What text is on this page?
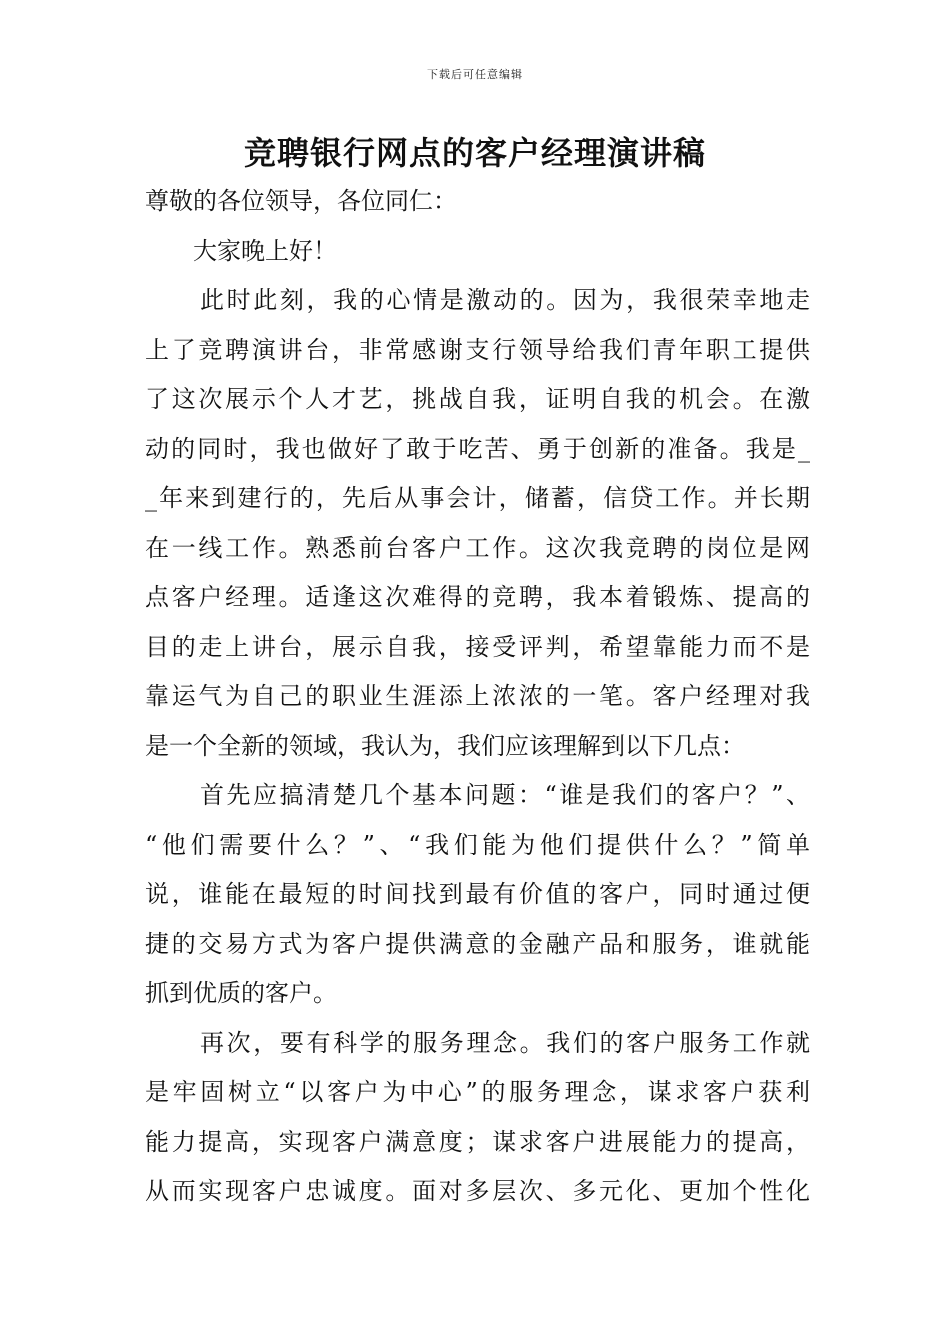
下载后可任意编辑
竞聘银行网点的客户经理演讲稿
尊敬的各位领导，各位同仁：
大家晚上好！
此时此刻，我的心情是激动的。因为，我很荣幸地走
上了竞聘演讲台，非常感谢支行领导给我们青年职工提供
了这次展示个人才艺，挑战自我，证明自我的机会。在激
动的同时，我也做好了敢于吃苦、勇于创新的准备。我是_
_年来到建行的，先后从事会计，储蓄，信贷工作。并长期
在一线工作。熟悉前台客户工作。这次我竞聘的岗位是网
点客户经理。适逢这次难得的竞聘，我本着锻炼、提高的
目的走上讲台，展示自我，接受评判，希望靠能力而不是
靠运气为自己的职业生涯添上浓浓的一笔。客户经理对我
是一个全新的领域，我认为，我们应该理解到以下几点：
首先应搞清楚几个基本问题：“谁是我们的客户？”、
“他们需要什么？”、“我们能为他们提供什么？”简单
说，谁能在最短的时间找到最有价值的客户，同时通过便
捷的交易方式为客户提供满意的金融产品和服务，谁就能
抓到优质的客户。
再次，要有科学的服务理念。我们的客户服务工作就
是牢固树立“以客户为中心”的服务理念，谋求客户获利
能力提高，实现客户满意度；谋求客户进展能力的提高，
从而实现客户忠诚度。面对多层次、多元化、更加个性化
